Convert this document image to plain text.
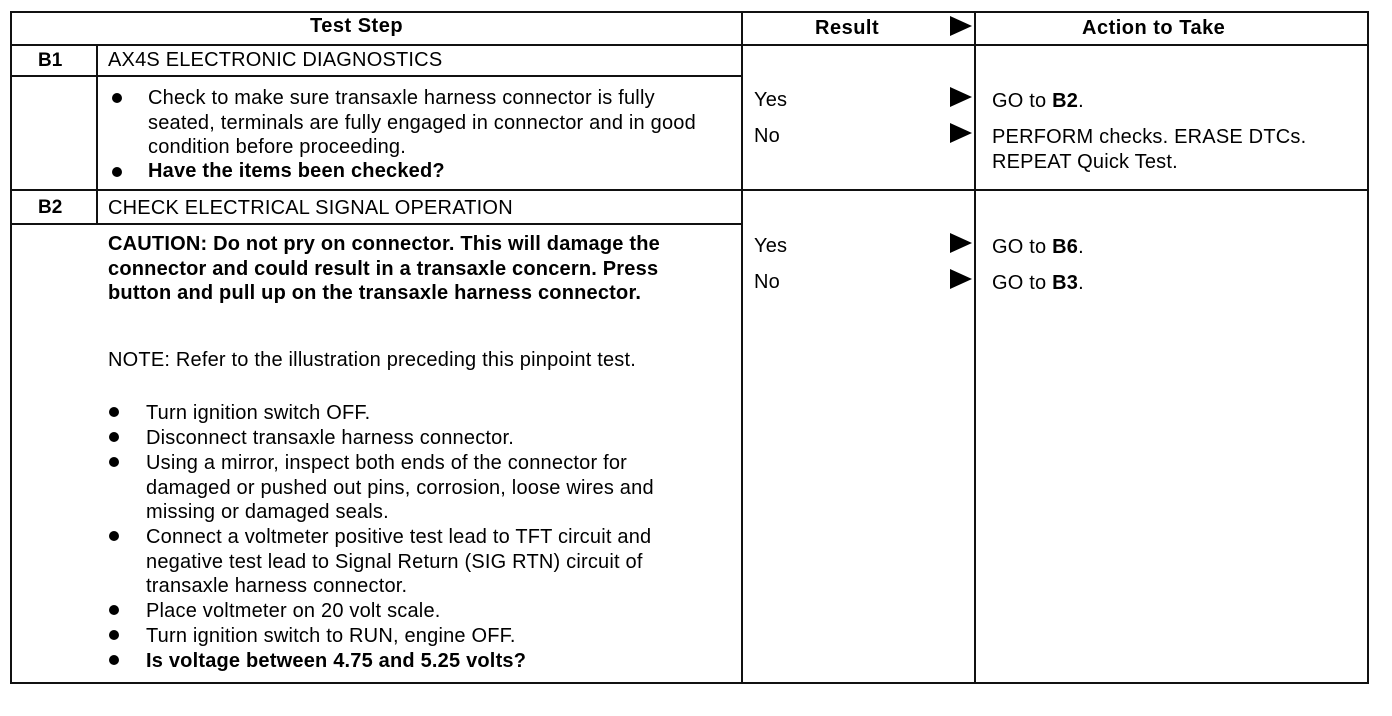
Test Step	Result	Action to Take
B1 AX4S ELECTRONIC DIAGNOSTICS
Check to make sure transaxle harness connector is fully seated, terminals are fully engaged in connector and in good condition before proceeding.
Have the items been checked?
Yes	GO to B2.
No	PERFORM checks. ERASE DTCs. REPEAT Quick Test.
B2 CHECK ELECTRICAL SIGNAL OPERATION
CAUTION: Do not pry on connector. This will damage the connector and could result in a transaxle concern. Press button and pull up on the transaxle harness connector.
NOTE: Refer to the illustration preceding this pinpoint test.
Turn ignition switch OFF.
Disconnect transaxle harness connector.
Using a mirror, inspect both ends of the connector for damaged or pushed out pins, corrosion, loose wires and missing or damaged seals.
Connect a voltmeter positive test lead to TFT circuit and negative test lead to Signal Return (SIG RTN) circuit of transaxle harness connector.
Place voltmeter on 20 volt scale.
Turn ignition switch to RUN, engine OFF.
Is voltage between 4.75 and 5.25 volts?
Yes	GO to B6.
No	GO to B3.
